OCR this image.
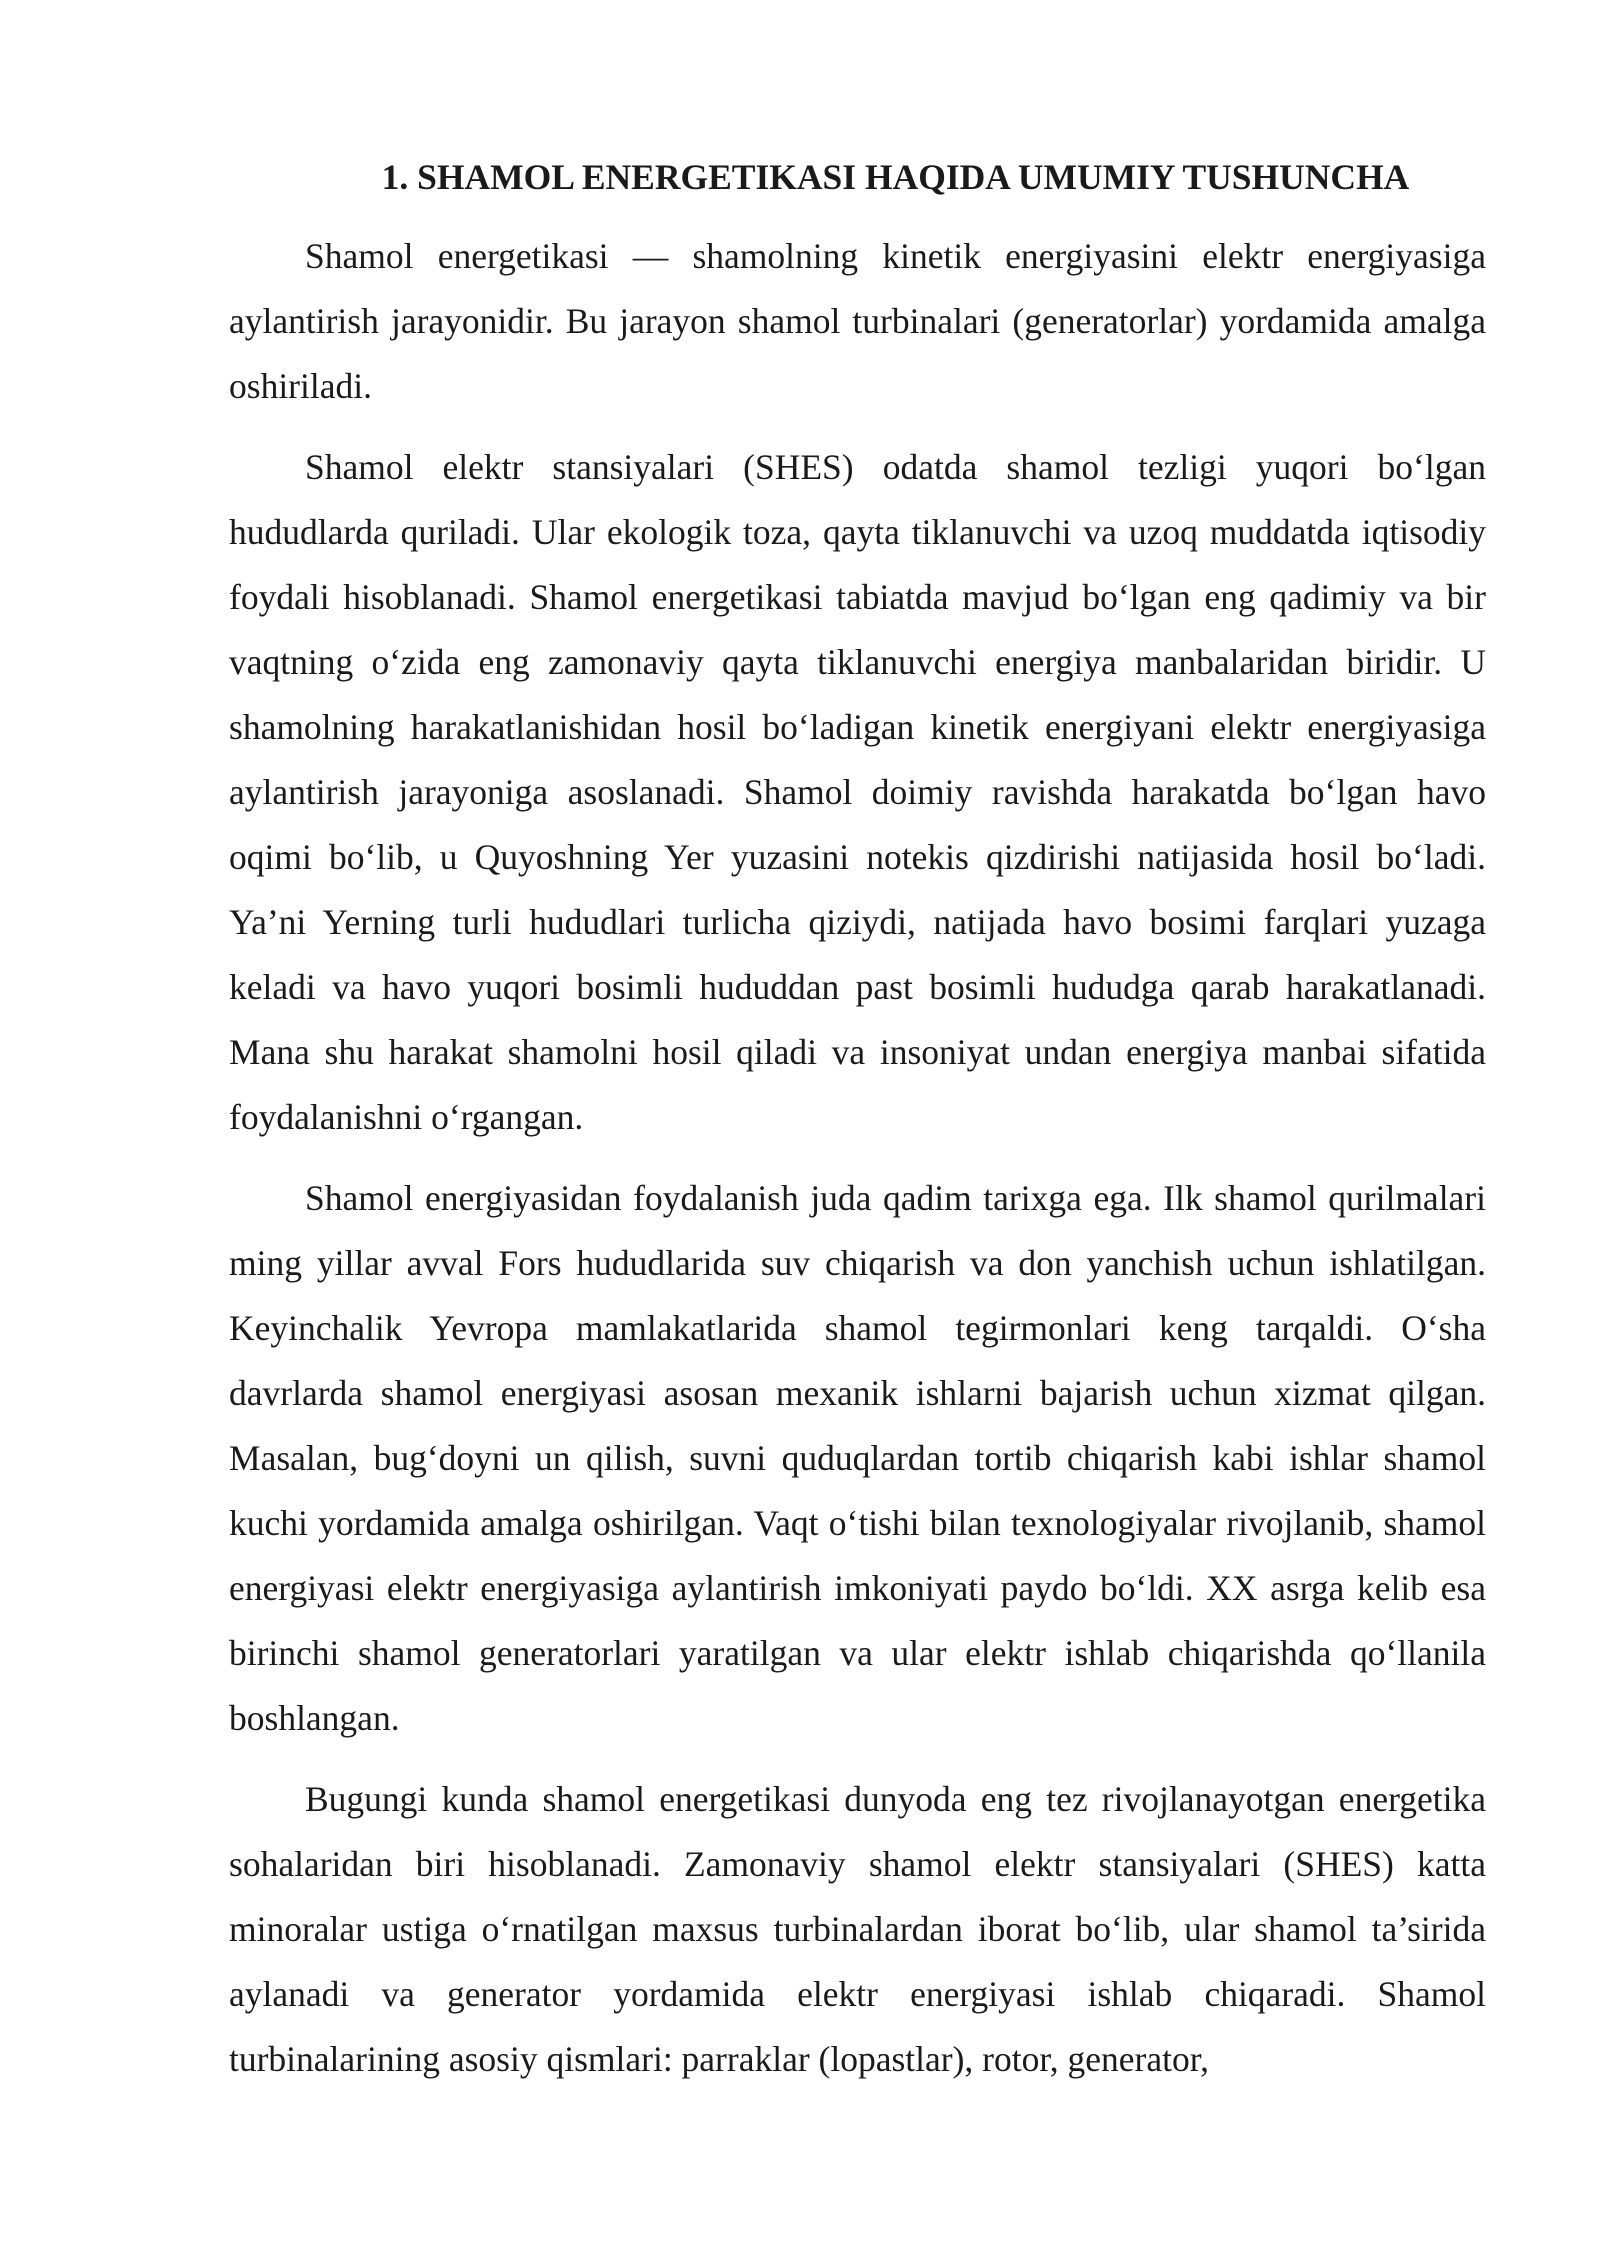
1. SHAMOL ENERGETIKASI HAQIDA UMUMIY TUSHUNCHA

Shamol energetikasi — shamolning kinetik energiyasini elektr energiyasiga aylantirish jarayonidir. Bu jarayon shamol turbinalari (generatorlar) yordamida amalga oshiriladi.

Shamol elektr stansiyalari (SHES) odatda shamol tezligi yuqori bo‘lgan hududlarda quriladi. Ular ekologik toza, qayta tiklanuvchi va uzoq muddatda iqtisodiy foydali hisoblanadi. Shamol energetikasi tabiatda mavjud bo‘lgan eng qadimiy va bir vaqtning o‘zida eng zamonaviy qayta tiklanuvchi energiya manbalaridan biridir. U shamolning harakatlanishidan hosil bo‘ladigan kinetik energiyani elektr energiyasiga aylantirish jarayoniga asoslanadi. Shamol doimiy ravishda harakatda bo‘lgan havo oqimi bo‘lib, u Quyoshning Yer yuzasini notekis qizdirishi natijasida hosil bo‘ladi. Ya’ni Yerning turli hududlari turlicha qiziydi, natijada havo bosimi farqlari yuzaga keladi va havo yuqori bosimli hududdan past bosimli hududga qarab harakatlanadi. Mana shu harakat shamolni hosil qiladi va insoniyat undan energiya manbai sifatida foydalanishni o‘rgangan.

Shamol energiyasidan foydalanish juda qadim tarixga ega. Ilk shamol qurilmalari ming yillar avval Fors hududlarida suv chiqarish va don yanchish uchun ishlatilgan. Keyinchalik Yevropa mamlakatlarida shamol tegirmonlari keng tarqaldi. O‘sha davrlarda shamol energiyasi asosan mexanik ishlarni bajarish uchun xizmat qilgan. Masalan, bug‘doyni un qilish, suvni quduqlardan tortib chiqarish kabi ishlar shamol kuchi yordamida amalga oshirilgan. Vaqt o‘tishi bilan texnologiyalar rivojlanib, shamol energiyasi elektr energiyasiga aylantirish imkoniyati paydo bo‘ldi. XX asrga kelib esa birinchi shamol generatorlari yaratilgan va ular elektr ishlab chiqarishda qo‘llanila boshlangan.

Bugungi kunda shamol energetikasi dunyoda eng tez rivojlanayotgan energetika sohalaridan biri hisoblanadi. Zamonaviy shamol elektr stansiyalari (SHES) katta minoralar ustiga o‘rnatilgan maxsus turbinalardan iborat bo‘lib, ular shamol ta’sirida aylanadi va generator yordamida elektr energiyasi ishlab chiqaradi. Shamol turbinalarining asosiy qismlari: parraklar (lopastlar), rotor, generator,
